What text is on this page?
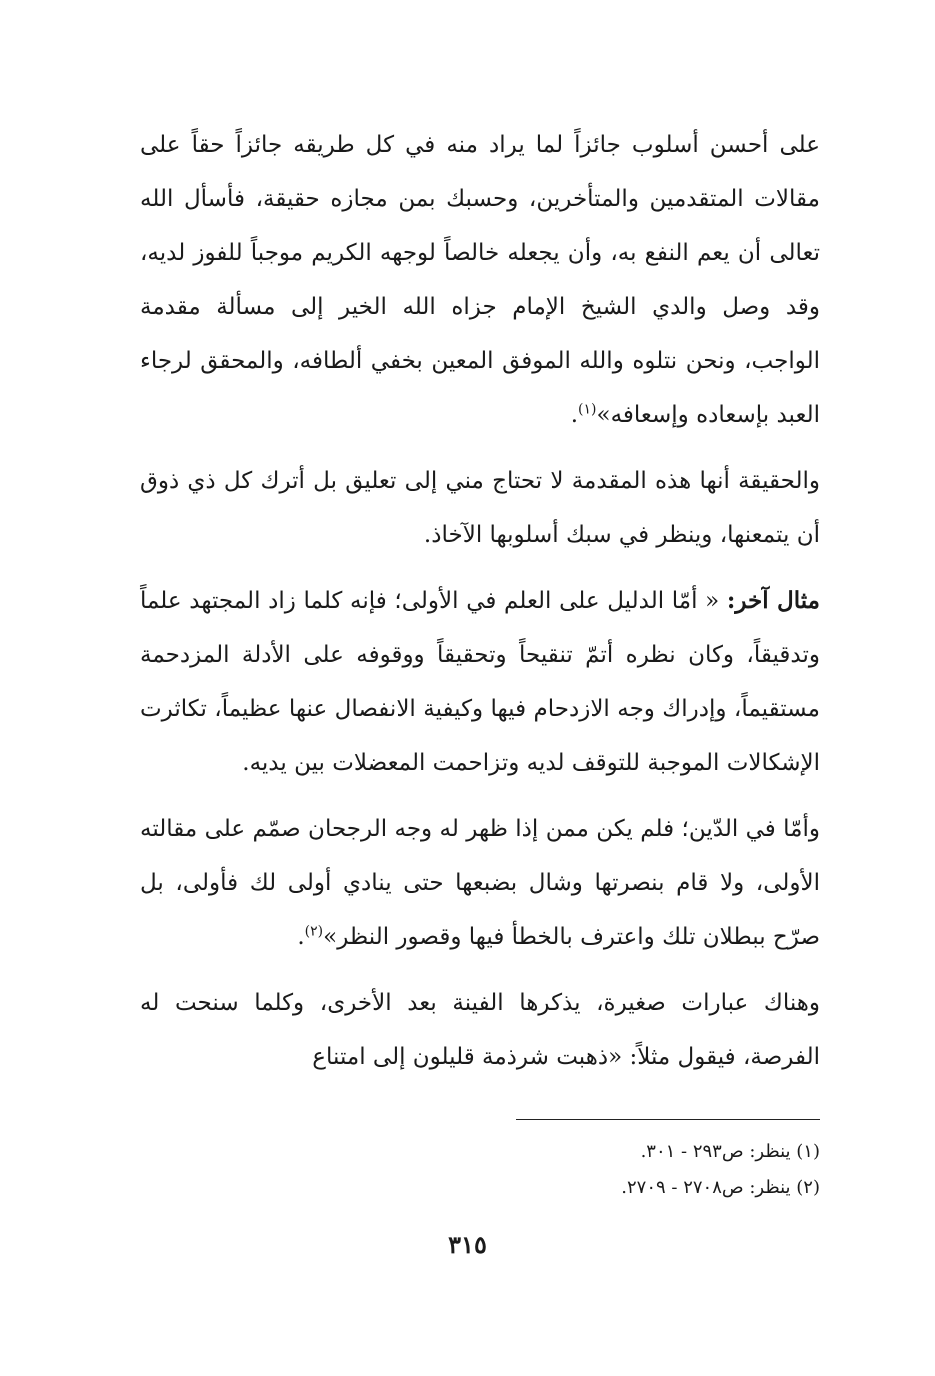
على أحسن أسلوب جائزاً لما يراد منه في كل طريقه جائزاً حقاً على مقالات المتقدمين والمتأخرين، وحسبك بمن مجازه حقيقة، فأسأل الله تعالى أن يعم النفع به، وأن يجعله خالصاً لوجهه الكريم موجباً للفوز لديه، وقد وصل والدي الشيخ الإمام جزاه الله الخير إلى مسألة مقدمة الواجب، ونحن نتلوه والله الموفق المعين بخفي ألطافه، والمحقق لرجاء العبد بإسعاده وإسعافه»$^{(١)}$.

والحقيقة أنها هذه المقدمة لا تحتاج مني إلى تعليق بل أترك كل ذي ذوق أن يتمعنها، وينظر في سبك أسلوبها الآخاذ.

مثال آخر: « أمّا الدليل على العلم في الأولى؛ فإنه كلما زاد المجتهد علماً وتدقيقاً، وكان نظره أتمّ تنقيحاً وتحقيقاً ووقوفه على الأدلة المزدحمة مستقيماً، وإدراك وجه الازدحام فيها وكيفية الانفصال عنها عظيماً، تكاثرت الإشكالات الموجبة للتوقف لديه وتزاحمت المعضلات بين يديه.

وأمّا في الدّين؛ فلم يكن ممن إذا ظهر له وجه الرجحان صمّم على مقالته الأولى، ولا قام بنصرتها وشال بضبعها حتى ينادي أولى لك فأولى، بل صرّح ببطلان تلك واعترف بالخطأ فيها وقصور النظر»$^{(٢)}$.

وهناك عبارات صغيرة، يذكرها الفينة بعد الأخرى، وكلما سنحت له الفرصة، فيقول مثلاً: «ذهبت شرذمة قليلون إلى امتناع

(١) ينظر: ص٢٩٣ - ٣٠١.

(٢) ينظر: ص٢٧٠٨ - ٢٧٠٩.

٣١٥
